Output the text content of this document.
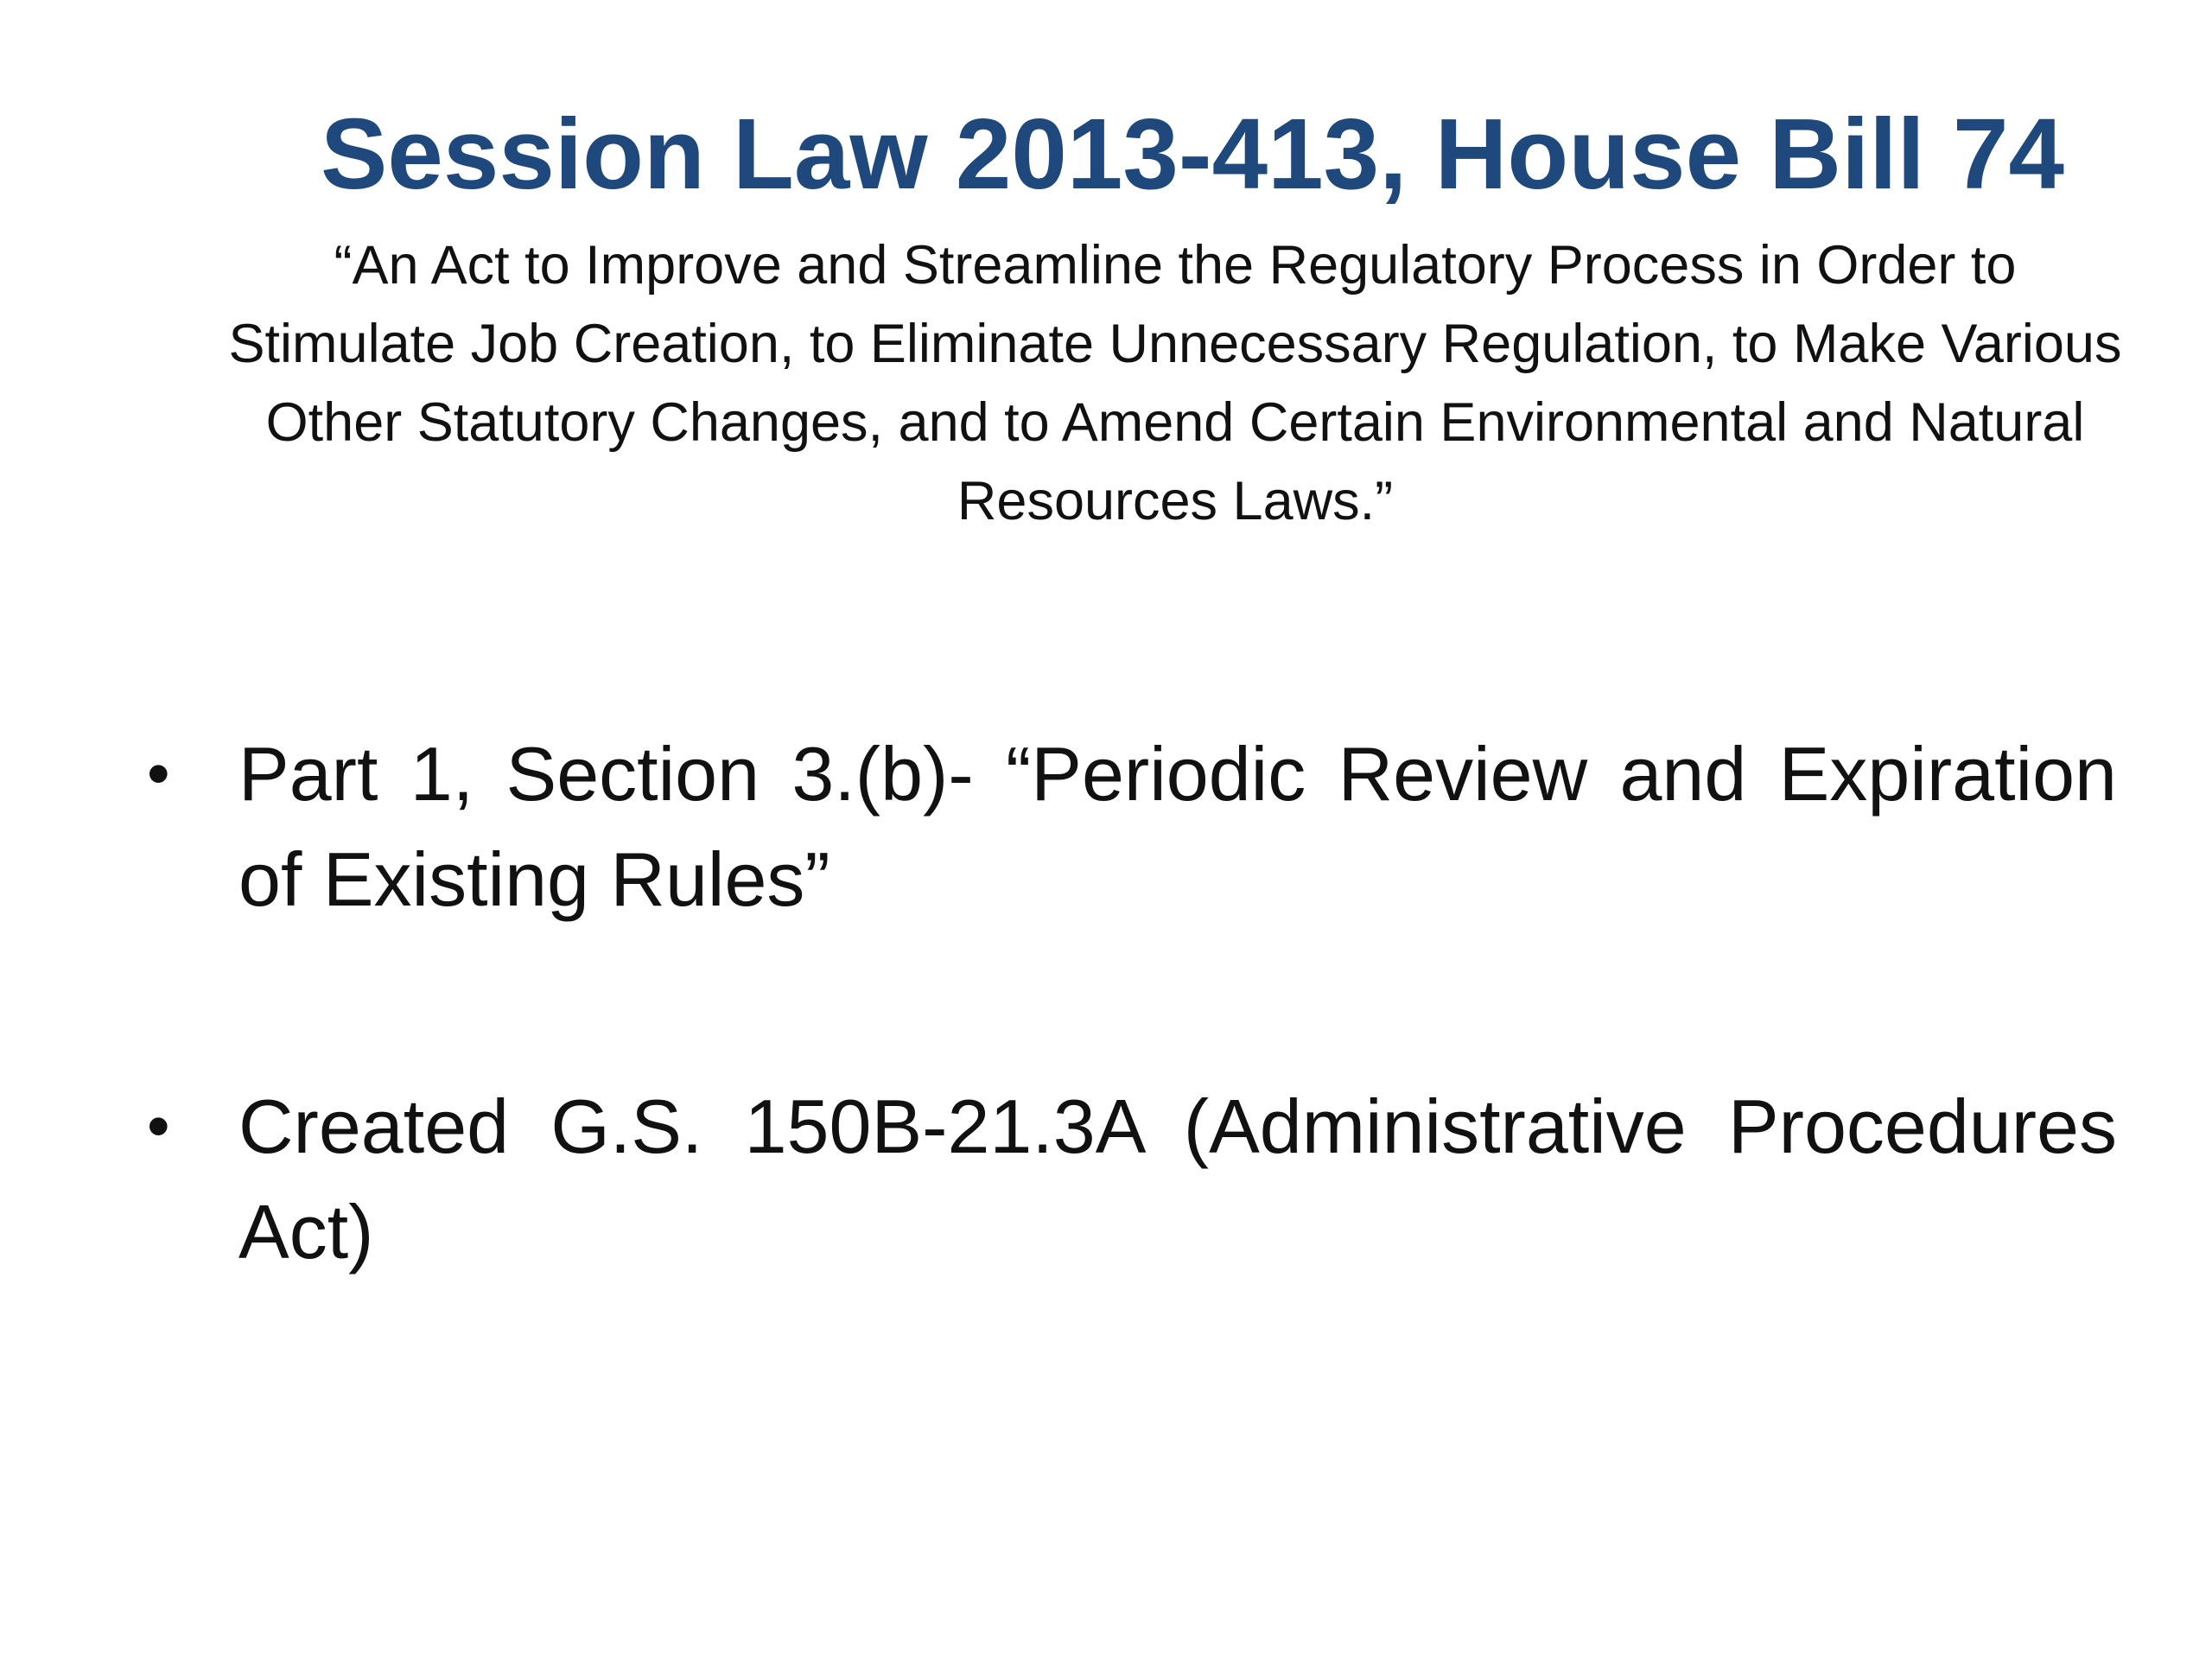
Session Law 2013-413, House Bill 74

“An Act to Improve and Streamline the Regulatory Process in Order to Stimulate Job Creation, to Eliminate Unnecessary Regulation, to Make Various Other Statutory Changes, and to Amend Certain Environmental and Natural Resources Laws.”

• Part 1, Section 3.(b)- “Periodic Review and Expiration of Existing Rules”
• Created G.S. 150B-21.3A (Administrative Procedures Act)
